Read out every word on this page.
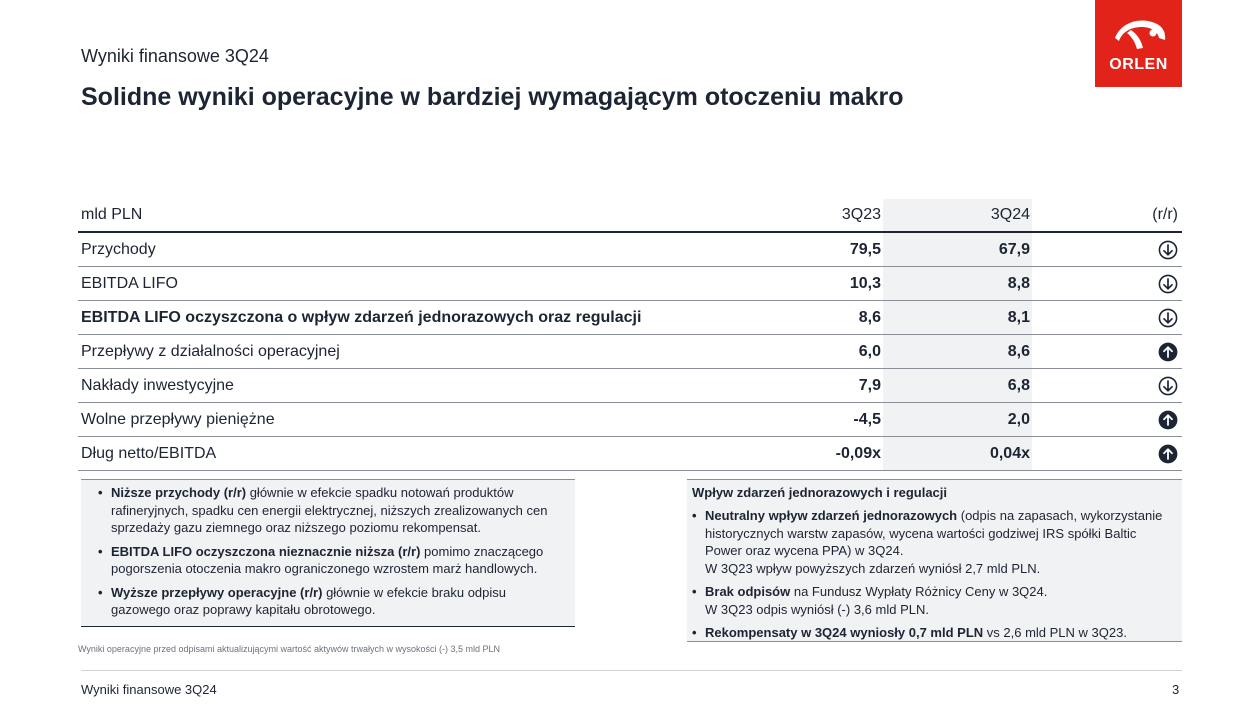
Wyniki finansowe 3Q24
Solidne wyniki operacyjne w bardziej wymagającym otoczeniu makro
ORLEN
mld PLN	3Q23	3Q24	(r/r)
Przychody	79,5	67,9
EBITDA LIFO	10,3	8,8
EBITDA LIFO oczyszczona o wpływ zdarzeń jednorazowych oraz regulacji	8,6	8,1
Przepływy z działalności operacyjnej	6,0	8,6
Nakłady inwestycyjne	7,9	6,8
Wolne przepływy pieniężne	-4,5	2,0
Dług netto/EBITDA	-0,09x	0,04x
• Niższe przychody (r/r) głównie w efekcie spadku notowań produktów rafineryjnych, spadku cen energii elektrycznej, niższych zrealizowanych cen sprzedaży gazu ziemnego oraz niższego poziomu rekompensat.
• EBITDA LIFO oczyszczona nieznacznie niższa (r/r) pomimo znaczącego pogorszenia otoczenia makro ograniczonego wzrostem marż handlowych.
• Wyższe przepływy operacyjne (r/r) głównie w efekcie braku odpisu gazowego oraz poprawy kapitału obrotowego.
Wpływ zdarzeń jednorazowych i regulacji
• Neutralny wpływ zdarzeń jednorazowych (odpis na zapasach, wykorzystanie historycznych warstw zapasów, wycena wartości godziwej IRS spółki Baltic Power oraz wycena PPA) w 3Q24.
W 3Q23 wpływ powyższych zdarzeń wyniósł 2,7 mld PLN.
• Brak odpisów na Fundusz Wypłaty Różnicy Ceny w 3Q24.
W 3Q23 odpis wyniósł (-) 3,6 mld PLN.
• Rekompensaty w 3Q24 wyniosły 0,7 mld PLN vs 2,6 mld PLN w 3Q23.
Wyniki operacyjne przed odpisami aktualizującymi wartość aktywów trwałych w wysokości (-) 3,5 mld PLN
Wyniki finansowe 3Q24	3
